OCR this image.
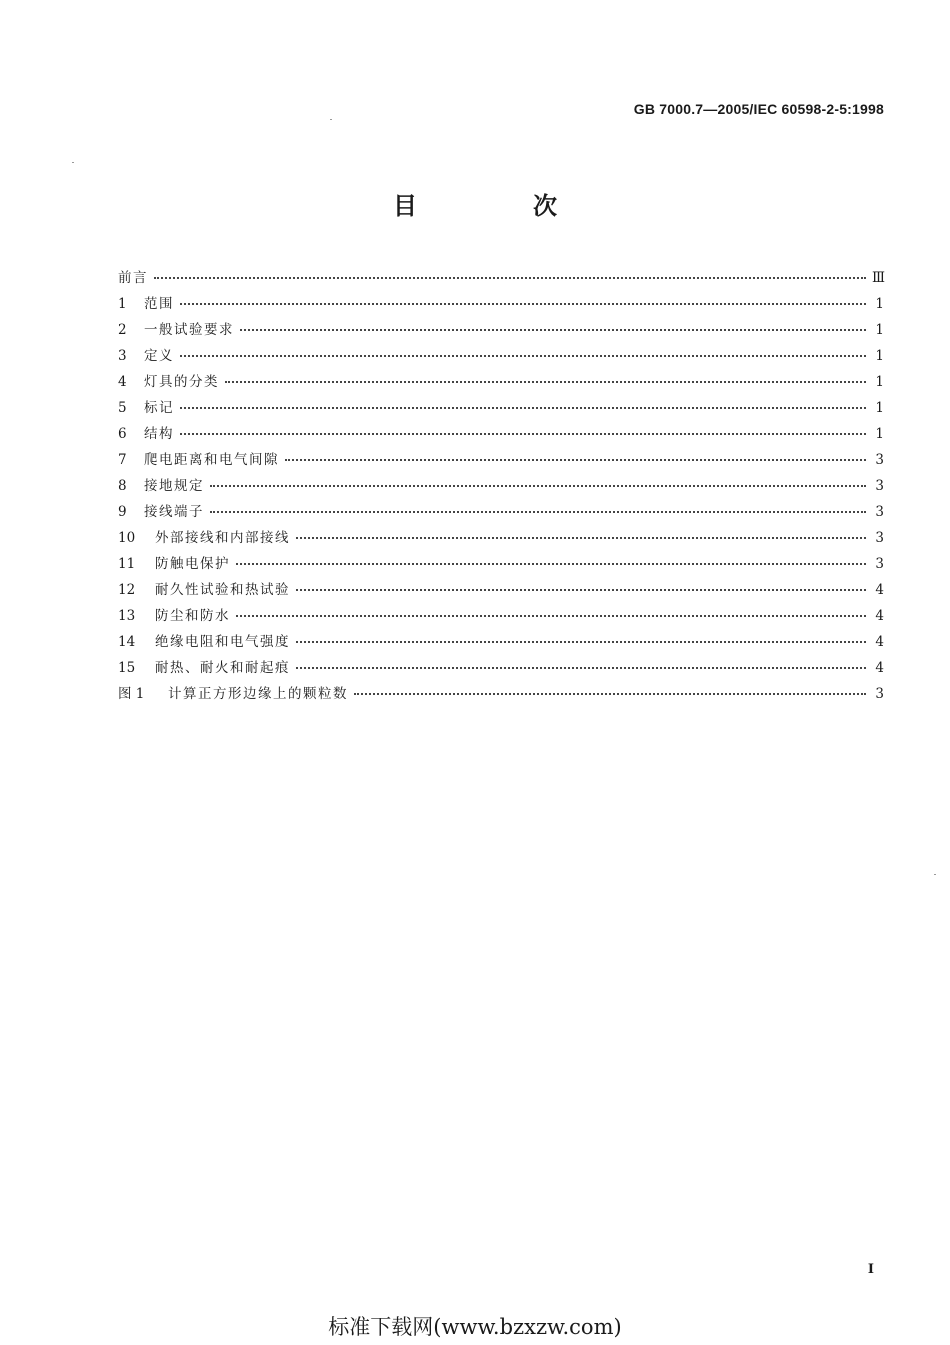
GB 7000.7—2005/IEC 60598-2-5:1998
目　次
前言	Ⅲ
1	范围	1
2	一般试验要求	1
3	定义	1
4	灯具的分类	1
5	标记	1
6	结构	1
7	爬电距离和电气间隙	3
8	接地规定	3
9	接线端子	3
10	外部接线和内部接线	3
11	防触电保护	3
12	耐久性试验和热试验	4
13	防尘和防水	4
14	绝缘电阻和电气强度	4
15	耐热、耐火和耐起痕	4
图 1	计算正方形边缘上的颗粒数	3
I
标准下载网(www.bzxzw.com)
